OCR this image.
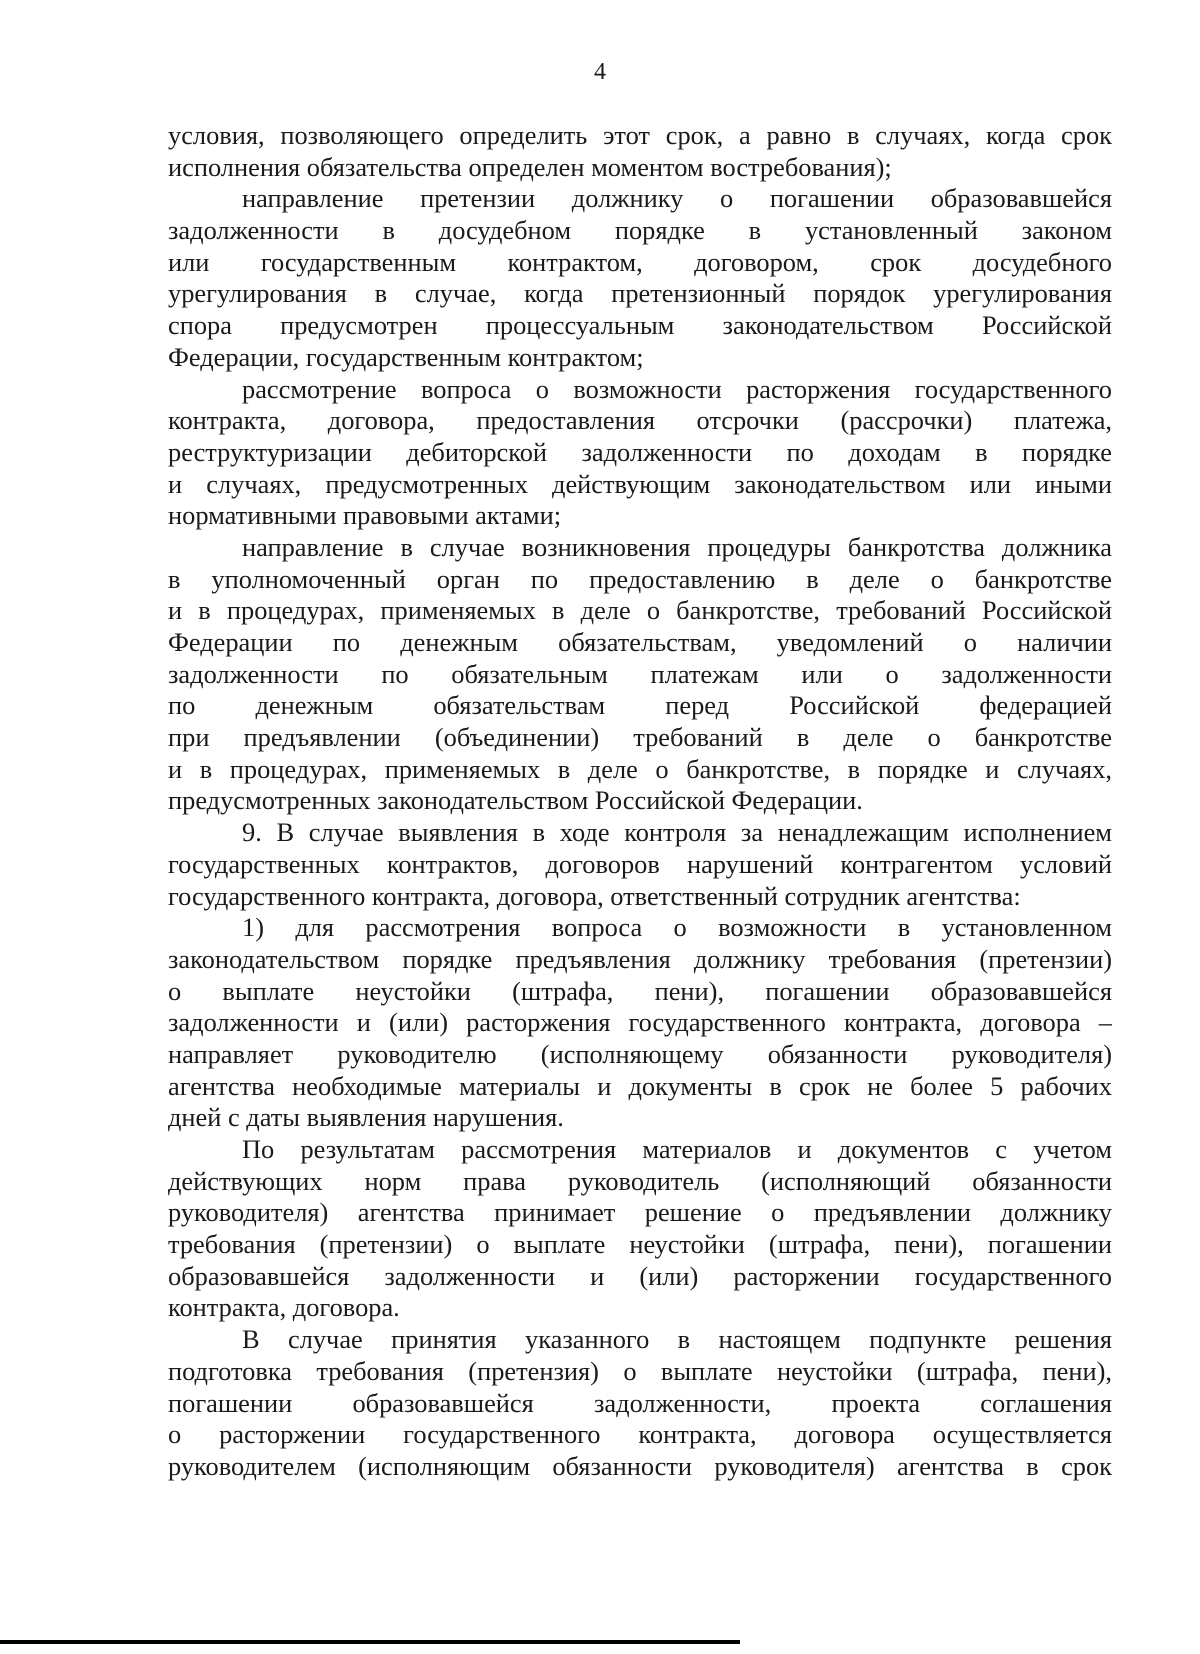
4
условия, позволяющего определить этот срок, а равно в случаях, когда срок
исполнения обязательства определен моментом востребования);
направление претензии должнику о погашении образовавшейся
задолженности в досудебном порядке в установленный законом
или государственным контрактом, договором, срок досудебного
урегулирования в случае, когда претензионный порядок урегулирования
спора предусмотрен процессуальным законодательством Российской
Федерации, государственным контрактом;
рассмотрение вопроса о возможности расторжения государственного
контракта, договора, предоставления отсрочки (рассрочки) платежа,
реструктуризации дебиторской задолженности по доходам в порядке
и случаях, предусмотренных действующим законодательством или иными
нормативными правовыми актами;
направление в случае возникновения процедуры банкротства должника
в уполномоченный орган по предоставлению в деле о банкротстве
и в процедурах, применяемых в деле о банкротстве, требований Российской
Федерации по денежным обязательствам, уведомлений о наличии
задолженности по обязательным платежам или о задолженности
по денежным обязательствам перед Российской федерацией
при предъявлении (объединении) требований в деле о банкротстве
и в процедурах, применяемых в деле о банкротстве, в порядке и случаях,
предусмотренных законодательством Российской Федерации.
9. В случае выявления в ходе контроля за ненадлежащим исполнением
государственных контрактов, договоров нарушений контрагентом условий
государственного контракта, договора, ответственный сотрудник агентства:
1) для рассмотрения вопроса о возможности в установленном
законодательством порядке предъявления должнику требования (претензии)
о выплате неустойки (штрафа, пени), погашении образовавшейся
задолженности и (или) расторжения государственного контракта, договора –
направляет руководителю (исполняющему обязанности руководителя)
агентства необходимые материалы и документы в срок не более 5 рабочих
дней с даты выявления нарушения.
По результатам рассмотрения материалов и документов с учетом
действующих норм права руководитель (исполняющий обязанности
руководителя) агентства принимает решение о предъявлении должнику
требования (претензии) о выплате неустойки (штрафа, пени), погашении
образовавшейся задолженности и (или) расторжении государственного
контракта, договора.
В случае принятия указанного в настоящем подпункте решения
подготовка требования (претензия) о выплате неустойки (штрафа, пени),
погашении образовавшейся задолженности, проекта соглашения
о расторжении государственного контракта, договора осуществляется
руководителем (исполняющим обязанности руководителя) агентства в срок
